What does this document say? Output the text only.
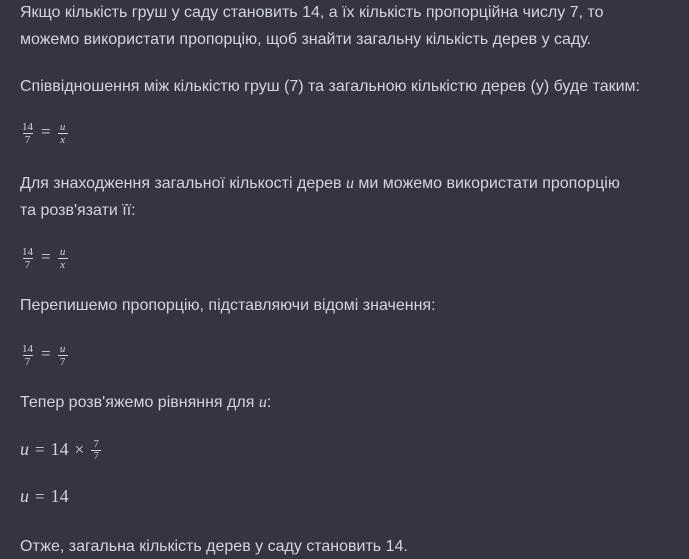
Якщо кількість груш у саду становить 14, а їх кількість пропорційна числу 7, то
можемо використати пропорцію, щоб знайти загальну кількість дерев у саду.
Співвідношення між кількістю груш (7) та загальною кількістю дерев (y) буде таким:
$\frac{14}{7} = \frac{u}{x}$
Для знаходження загальної кількості дерев u ми можемо використати пропорцію
та розв'язати її:
$\frac{14}{7} = \frac{u}{x}$
Перепишемо пропорцію, підставляючи відомі значення:
$\frac{14}{7} = \frac{u}{7}$
Тепер розв'яжемо рівняння для u:
$u = 14 \times \frac{7}{7}$
u = 14
Отже, загальна кількість дерев у саду становить 14.
